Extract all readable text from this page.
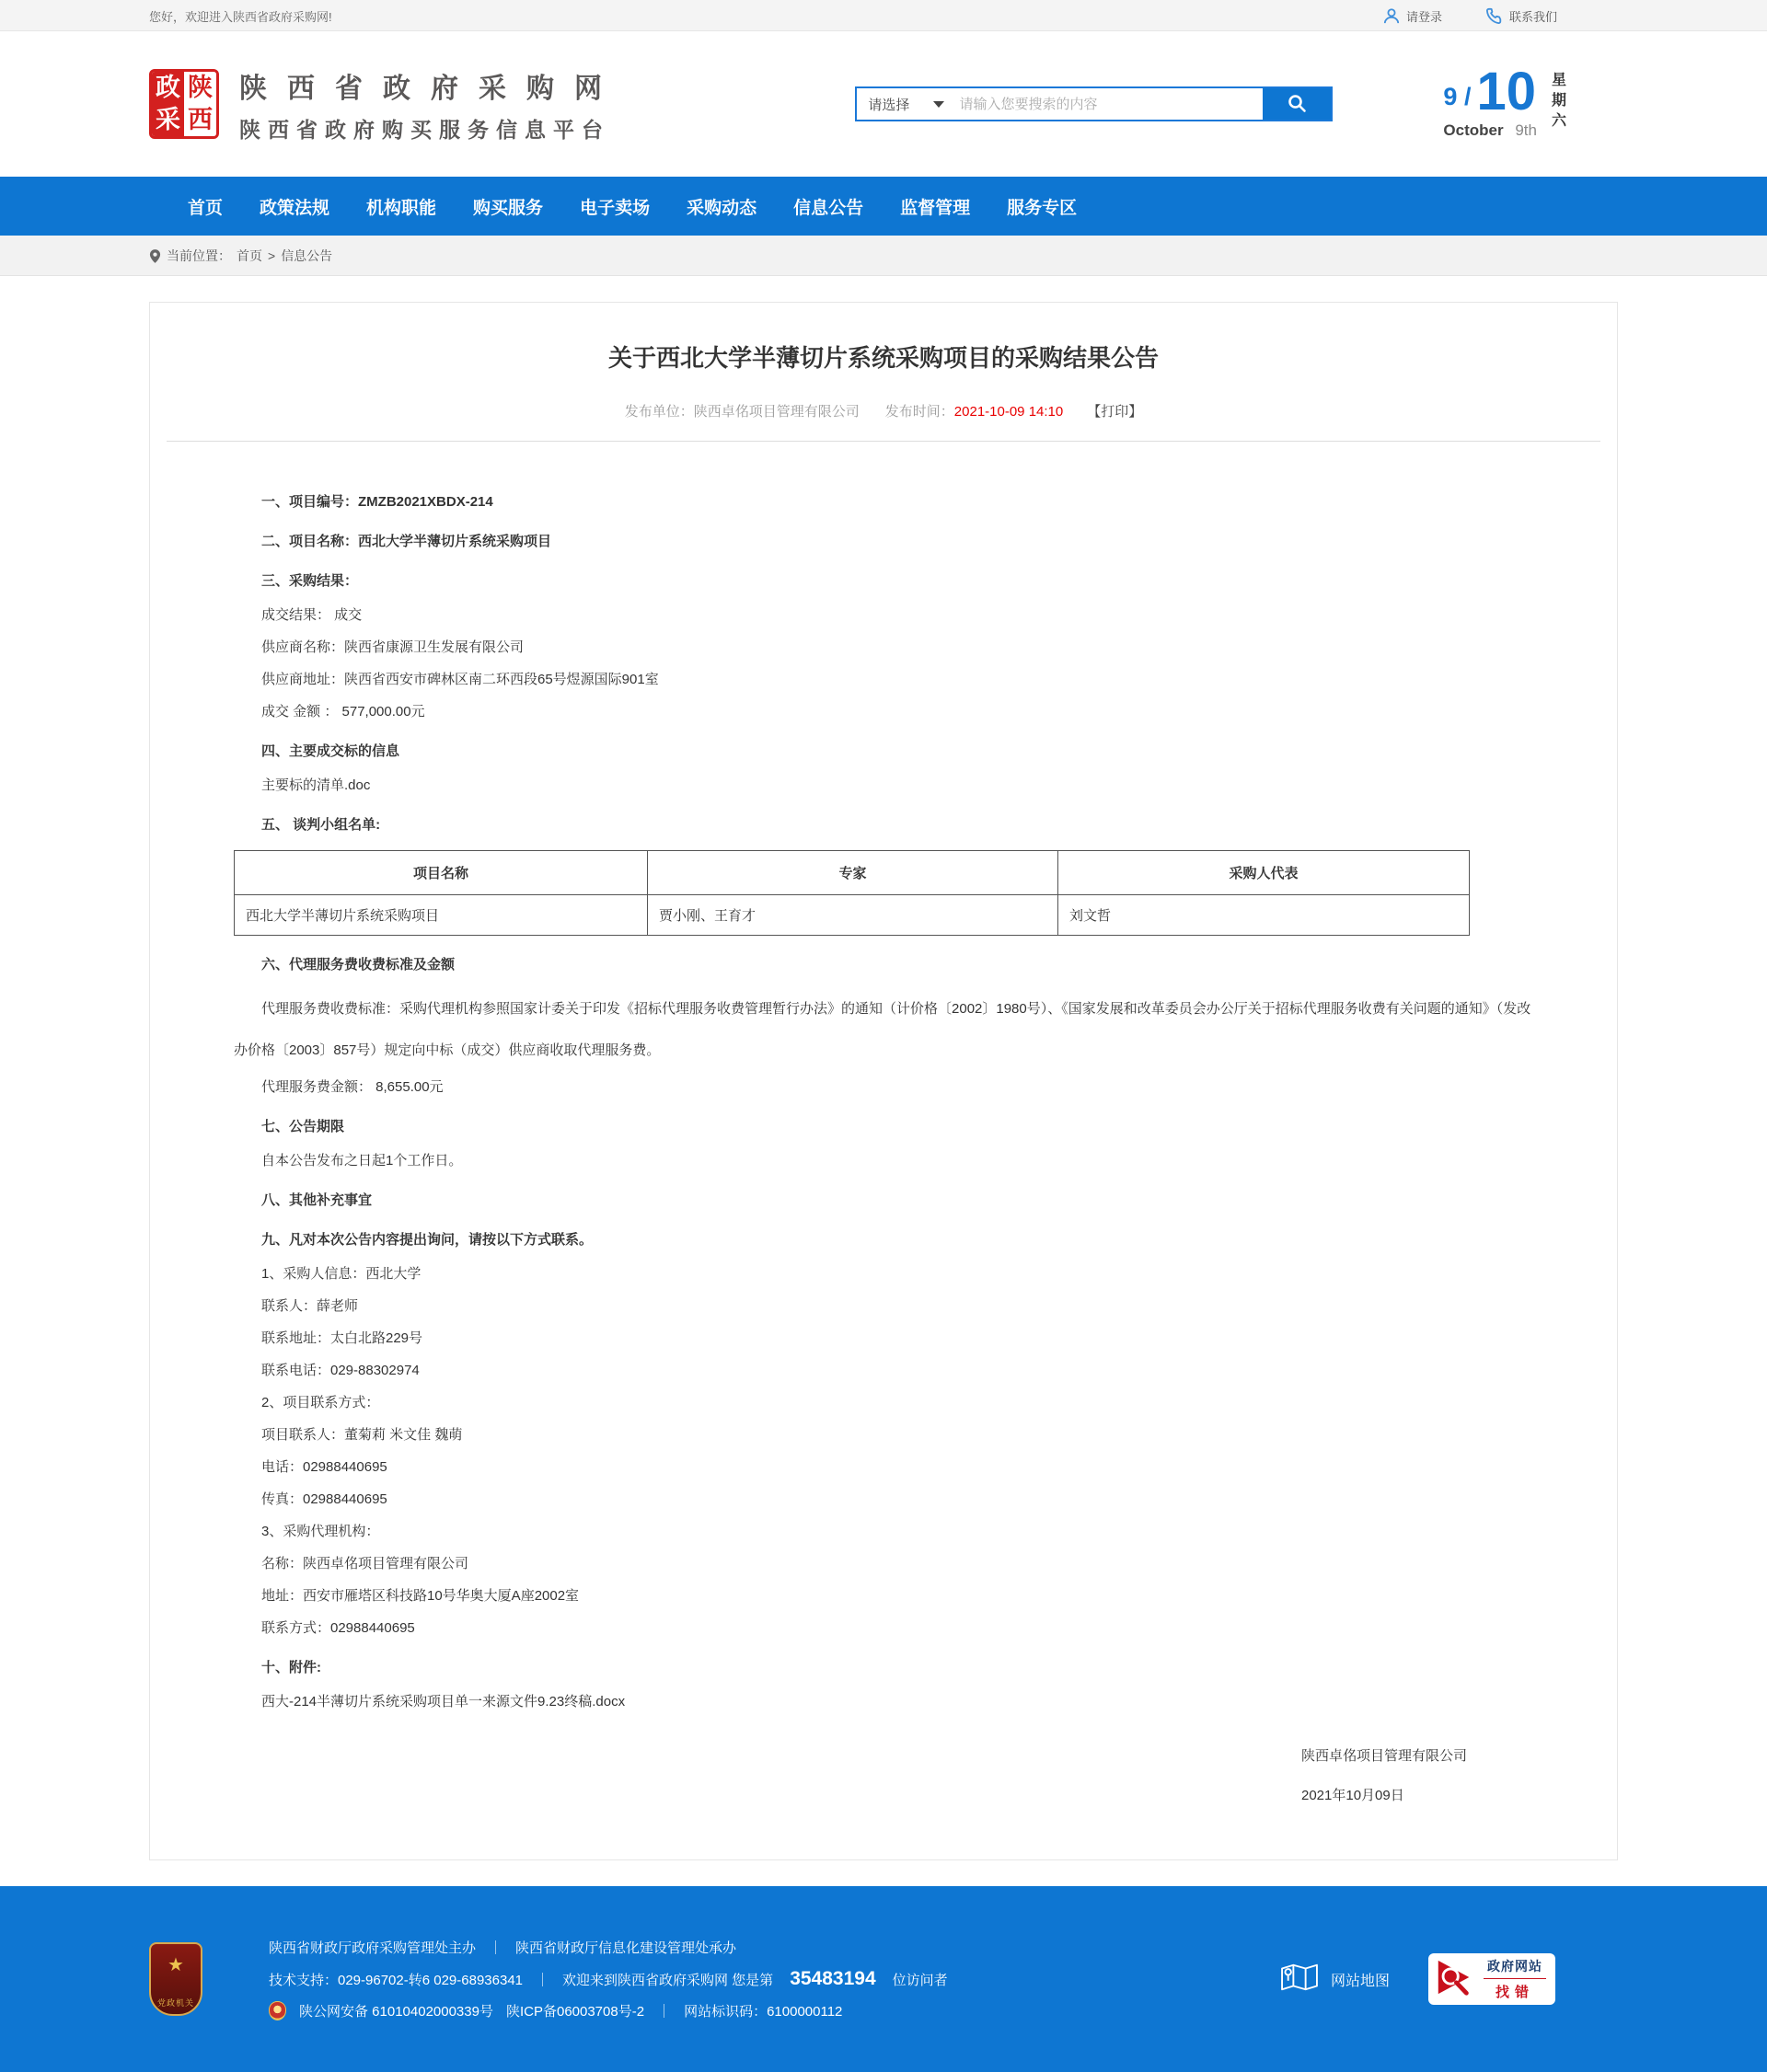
您好，欢迎进入陕西省政府采购网!	请登录	联系我们
政
采
陕
西
陕西省政府采购网
陕西省政府购买服务信息平台
请选择
请输入您要搜索的内容	9 / 10
October 9th
星
期
六
首页 政策法规 机构职能 购买服务 电子卖场 采购动态 信息公告 监督管理 服务专区
当前位置： 首页 > 信息公告
关于西北大学半薄切片系统采购项目的采购结果公告
发布单位：陕西卓佲项目管理有限公司 发布时间：2021-10-09 14:10 【打印】

一、项目编号：ZMZB2021XBDX-214

二、项目名称：西北大学半薄切片系统采购项目

三、采购结果：

成交结果： 成交

供应商名称：陕西省康源卫生发展有限公司

供应商地址：陕西省西安市碑林区南二环西段65号煜源国际901室

成交 金额 ： 577,000.00元

四、主要成交标的信息

主要标的清单.doc

五、 谈判小组名单:

项目名称	专家	采购人代表
西北大学半薄切片系统采购项目	贾小刚、王育才	刘文哲

六、代理服务费收费标准及金额

代理服务费收费标准：采购代理机构参照国家计委关于印发《招标代理服务收费管理暂行办法》的通知（计价格〔2002〕1980号）、《国家发展和改革委员会办公厅关于招标代理服务收费有关问题的通知》（发改办价格〔2003〕857号）规定向中标（成交）供应商收取代理服务费。

代理服务费金额： 8,655.00元

七、公告期限

自本公告发布之日起1个工作日。

八、其他补充事宜

九、凡对本次公告内容提出询问，请按以下方式联系。

1、采购人信息：西北大学

联系人：薛老师

联系地址：太白北路229号

联系电话：029-88302974

2、项目联系方式：

项目联系人：董菊莉 米文佳 魏萌

电话：02988440695

传真：02988440695

3、采购代理机构：

名称：陕西卓佲项目管理有限公司

地址：西安市雁塔区科技路10号华奥大厦A座2002室

联系方式：02988440695

十、附件:

西大-214半薄切片系统采购项目单一来源文件9.23终稿.docx

陕西卓佲项目管理有限公司
2021年10月09日
★
党政机关
陕西省财政厅政府采购管理处主办 ｜ 陕西省财政厅信息化建设管理处承办
技术支持：029-96702-转6 029-68936341 ｜ 欢迎来到陕西省政府采购网 您是第 35483194 位访问者
陕公网安备 61010402000339号 陕ICP备06003708号-2 ｜ 网站标识码：6100000112
网站地图
政府网站
找错
